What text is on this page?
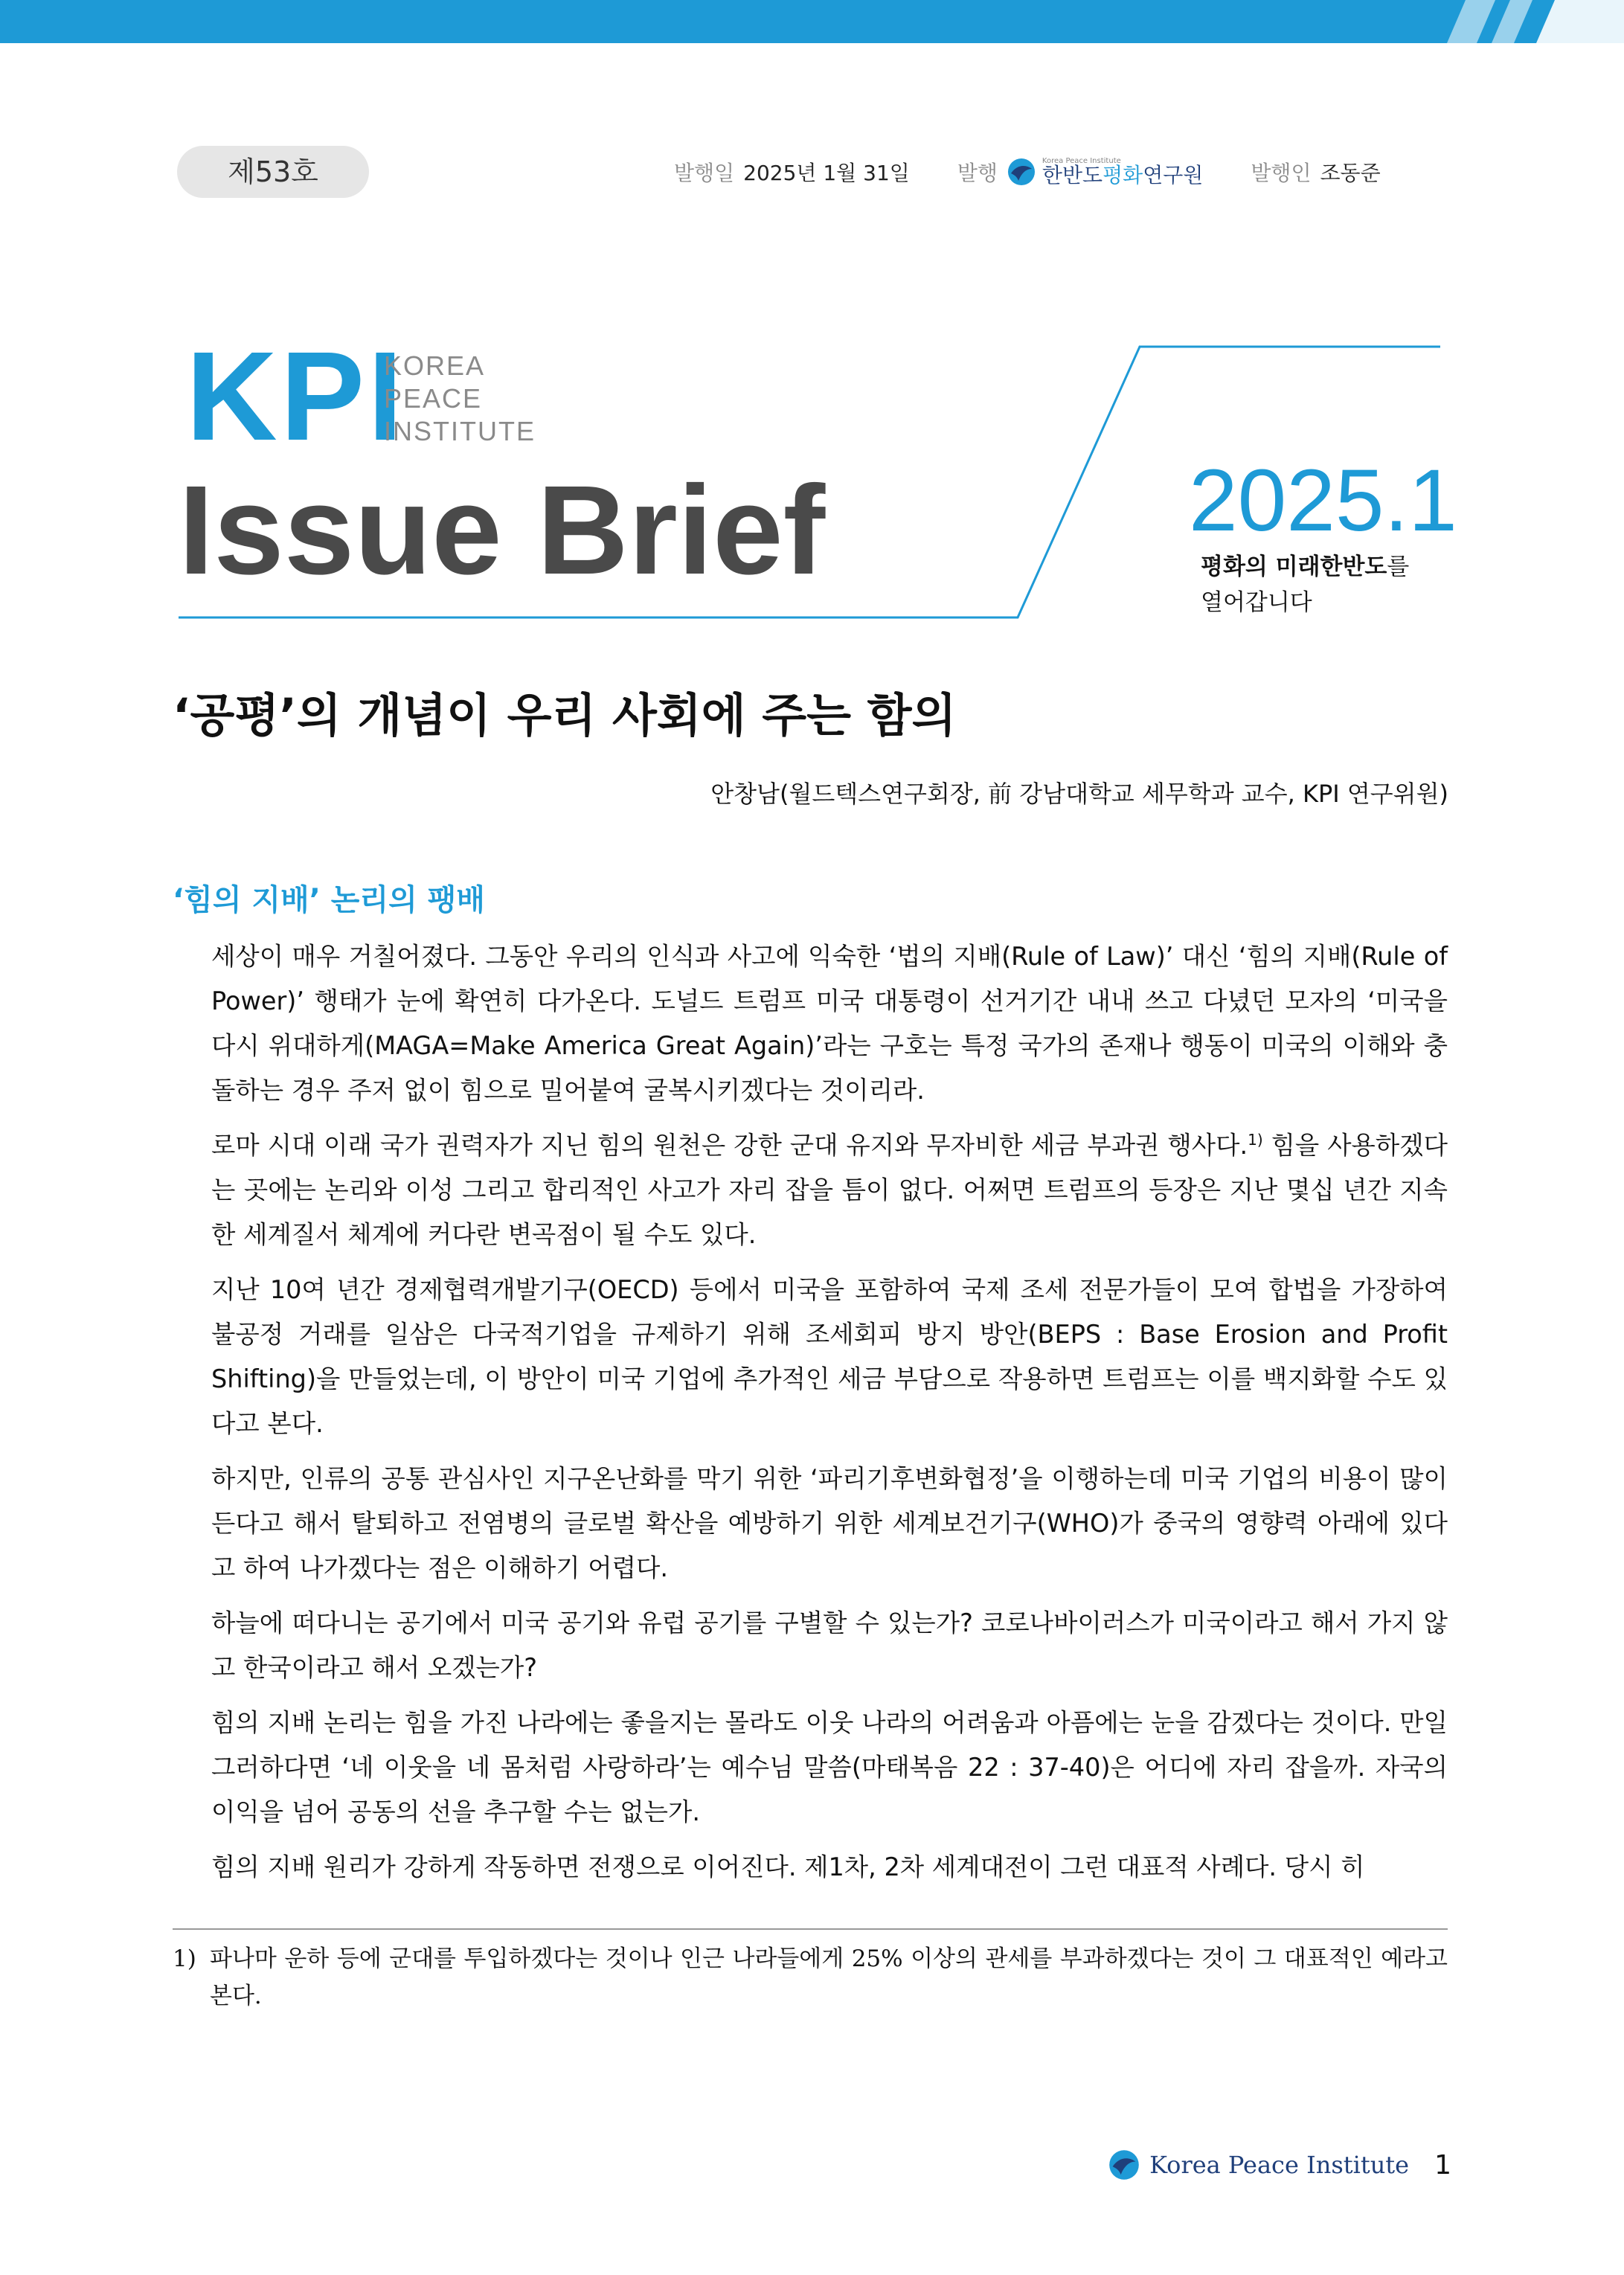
제53호	발행일 2025년 1월 31일 발행	Korea Peace Institute
한반도평화연구원 발행인 조동준
KPI
KOREA
PEACE
INSTITUTE
Issue Brief	2025.1
평화의 미래한반도를
열어갑니다
‘공평’의 개념이 우리 사회에 주는 함의
안창남(월드텍스연구회장, 前 강남대학교 세무학과 교수, KPI 연구위원)
‘힘의 지배’ 논리의 팽배

세상이 매우 거칠어졌다. 그동안 우리의 인식과 사고에 익숙한 ‘법의 지배(Rule of Law)’ 대신 ‘힘의 지배(Rule of Power)’ 행태가 눈에 확연히 다가온다. 도널드 트럼프 미국 대통령이 선거기간 내내 쓰고 다녔던 모자의 ‘미국을 다시 위대하게(MAGA=Make America Great Again)’라는 구호는 특정 국가의 존재나 행동이 미국의 이해와 충돌하는 경우 주저 없이 힘으로 밀어붙여 굴복시키겠다는 것이리라.

로마 시대 이래 국가 권력자가 지닌 힘의 원천은 강한 군대 유지와 무자비한 세금 부과권 행사다.$^{1)}$ 힘을 사용하겠다는 곳에는 논리와 이성 그리고 합리적인 사고가 자리 잡을 틈이 없다. 어쩌면 트럼프의 등장은 지난 몇십 년간 지속한 세계질서 체계에 커다란 변곡점이 될 수도 있다.

지난 10여 년간 경제협력개발기구(OECD) 등에서 미국을 포함하여 국제 조세 전문가들이 모여 합법을 가장하여 불공정 거래를 일삼은 다국적기업을 규제하기 위해 조세회피 방지 방안(BEPS : Base Erosion and Profit Shifting)을 만들었는데, 이 방안이 미국 기업에 추가적인 세금 부담으로 작용하면 트럼프는 이를 백지화할 수도 있다고 본다.

하지만, 인류의 공통 관심사인 지구온난화를 막기 위한 ‘파리기후변화협정’을 이행하는데 미국 기업의 비용이 많이 든다고 해서 탈퇴하고 전염병의 글로벌 확산을 예방하기 위한 세계보건기구(WHO)가 중국의 영향력 아래에 있다고 하여 나가겠다는 점은 이해하기 어렵다.

하늘에 떠다니는 공기에서 미국 공기와 유럽 공기를 구별할 수 있는가? 코로나바이러스가 미국이라고 해서 가지 않고 한국이라고 해서 오겠는가?

힘의 지배 논리는 힘을 가진 나라에는 좋을지는 몰라도 이웃 나라의 어려움과 아픔에는 눈을 감겠다는 것이다. 만일 그러하다면 ‘네 이웃을 네 몸처럼 사랑하라’는 예수님 말씀(마태복음 22 : 37-40)은 어디에 자리 잡을까. 자국의 이익을 넘어 공동의 선을 추구할 수는 없는가.

힘의 지배 원리가 강하게 작동하면 전쟁으로 이어진다. 제1차, 2차 세계대전이 그런 대표적 사례다. 당시 히

1) 파나마 운하 등에 군대를 투입하겠다는 것이나 인근 나라들에게 25% 이상의 관세를 부과하겠다는 것이 그 대표적인 예라고 본다.
Korea Peace Institute 1
